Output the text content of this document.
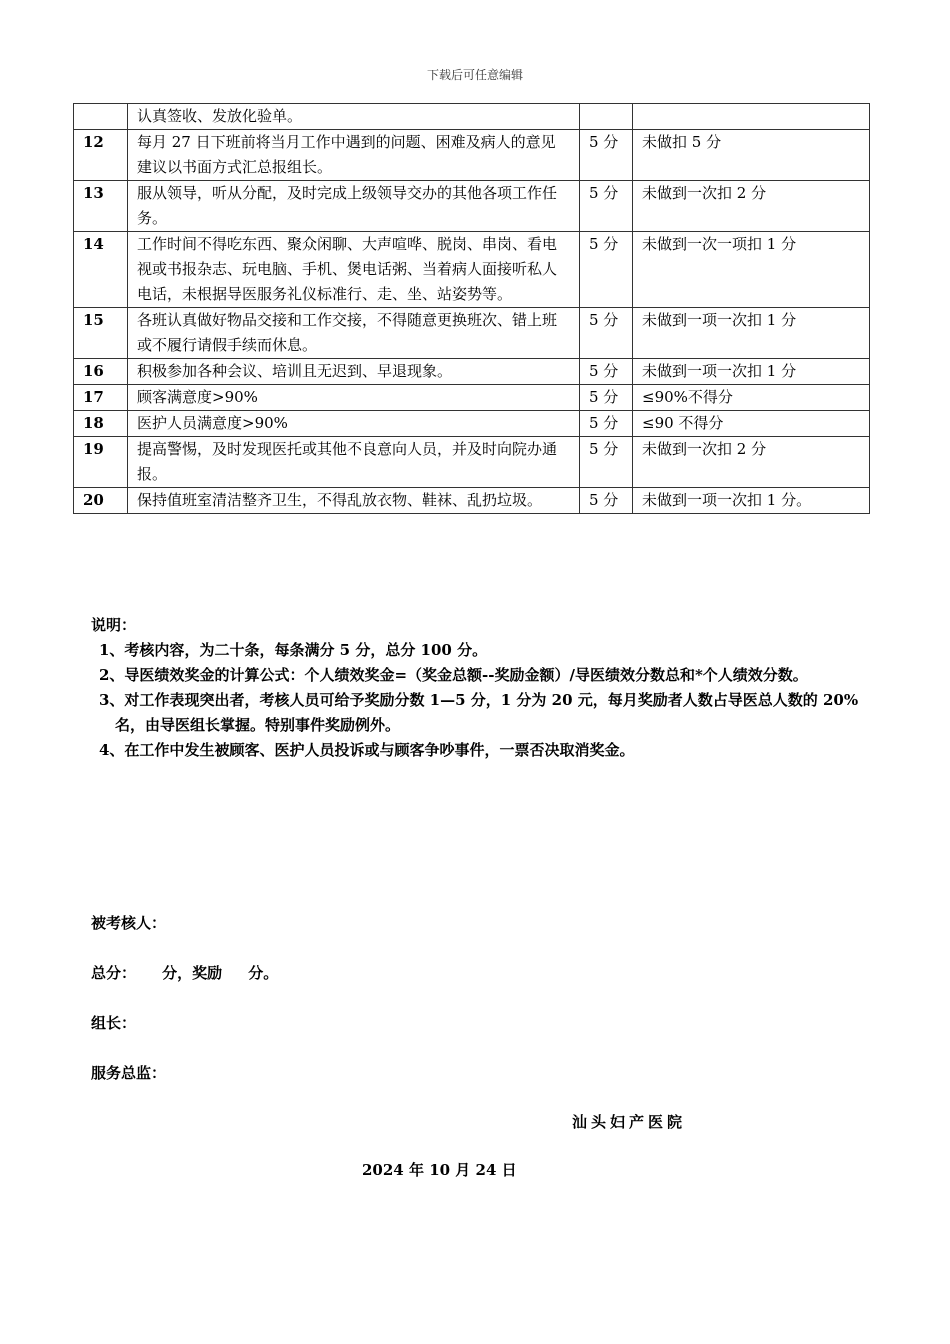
下载后可任意编辑
	认真签收、发放化验单。		
12	每月 27 日下班前将当月工作中遇到的问题、困难及病人的意见建议以书面方式汇总报组长。	5 分	未做扣 5 分
13	服从领导，听从分配，及时完成上级领导交办的其他各项工作任务。	5 分	未做到一次扣 2 分
14	工作时间不得吃东西、聚众闲聊、大声喧哗、脱岗、串岗、看电视或书报杂志、玩电脑、手机、煲电话粥、当着病人面接听私人电话，未根据导医服务礼仪标准行、走、坐、站姿势等。	5 分	未做到一次一项扣 1 分
15	各班认真做好物品交接和工作交接，不得随意更换班次、错上班或不履行请假手续而休息。	5 分	未做到一项一次扣 1 分
16	积极参加各种会议、培训且无迟到、早退现象。	5 分	未做到一项一次扣 1 分
17	顾客满意度>90%	5 分	≤90%不得分
18	医护人员满意度>90%	5 分	≤90 不得分
19	提高警惕，及时发现医托或其他不良意向人员，并及时向院办通报。	5 分	未做到一次扣 2 分
20	保持值班室清洁整齐卫生，不得乱放衣物、鞋袜、乱扔垃圾。	5 分	未做到一项一次扣 1 分。

说明：

1、考核内容，为二十条，每条满分 5 分，总分 100 分。

2、导医绩效奖金的计算公式：个人绩效奖金=（奖金总额--奖励金额）/导医绩效分数总和*个人绩效分数。

3、对工作表现突出者，考核人员可给予奖励分数 1—5 分，1 分为 20 元，每月奖励者人数占导医总人数的 20%名，由导医组长掌握。特别事件奖励例外。

4、在工作中发生被顾客、医护人员投诉或与顾客争吵事件，一票否决取消奖金。

被考核人：
总分：     分，奖励     分。
组长：
服务总监：
汕头妇产医院
2024 年 10 月 24 日
